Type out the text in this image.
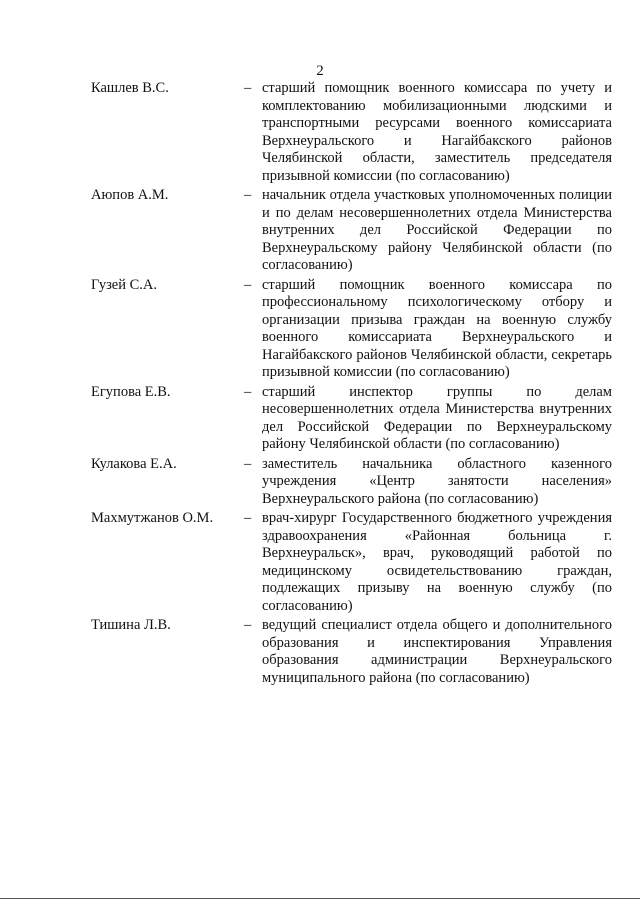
2
Кашлев В.С.	– старший помощник военного комиссара по учету и комплектованию мобилизационными людскими и транспортными ресурсами военного комиссариата Верхнеуральского и Нагайбакского районов Челябинской области, заместитель председателя призывной комиссии (по согласованию)
Аюпов А.М.	– начальник отдела участковых уполномоченных полиции и по делам несовершеннолетних отдела Министерства внутренних дел Российской Федерации по Верхнеуральскому району Челябинской области (по согласованию)
Гузей С.А.	– старший помощник военного комиссара по профессиональному психологическому отбору и организации призыва граждан на военную службу военного комиссариата Верхнеуральского и Нагайбакского районов Челябинской области, секретарь призывной комиссии (по согласованию)
Егупова Е.В.	– старший инспектор группы по делам несовершеннолетних отдела Министерства внутренних дел Российской Федерации по Верхнеуральскому району Челябинской области (по согласованию)
Кулакова Е.А.	– заместитель начальника областного казенного учреждения «Центр занятости населения» Верхнеуральского района (по согласованию)
Махмутжанов О.М. – врач-хирург Государственного бюджетного учреждения здравоохранения «Районная больница г. Верхнеуральск», врач, руководящий работой по медицинскому освидетельствованию граждан, подлежащих призыву на военную службу (по согласованию)
Тишина Л.В.	– ведущий специалист отдела общего и дополнительного образования и инспектирования Управления образования администрации Верхнеуральского муниципального района (по согласованию)
